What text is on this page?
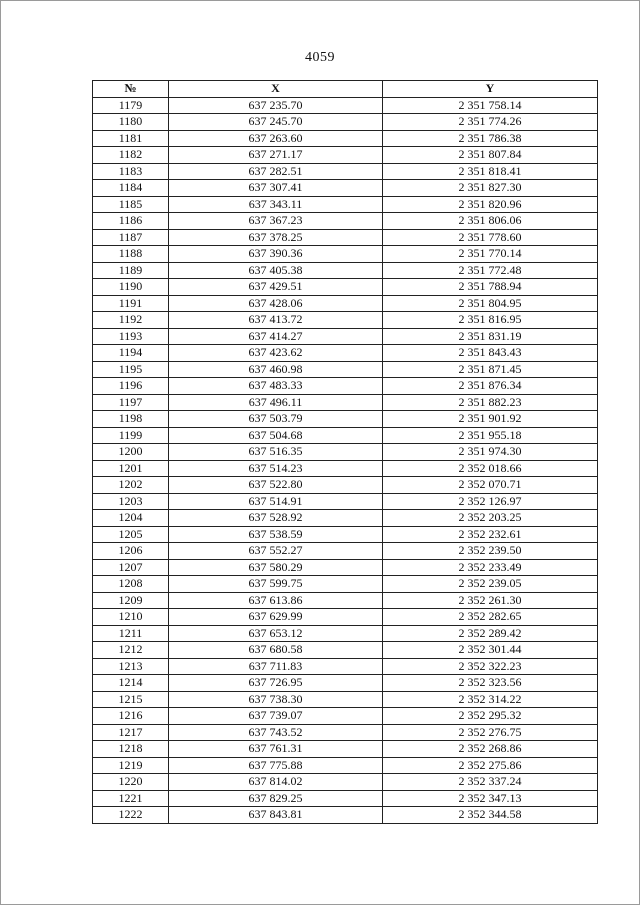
4059
№	X	Y
1179	637 235.70	2 351 758.14
1180	637 245.70	2 351 774.26
1181	637 263.60	2 351 786.38
1182	637 271.17	2 351 807.84
1183	637 282.51	2 351 818.41
1184	637 307.41	2 351 827.30
1185	637 343.11	2 351 820.96
1186	637 367.23	2 351 806.06
1187	637 378.25	2 351 778.60
1188	637 390.36	2 351 770.14
1189	637 405.38	2 351 772.48
1190	637 429.51	2 351 788.94
1191	637 428.06	2 351 804.95
1192	637 413.72	2 351 816.95
1193	637 414.27	2 351 831.19
1194	637 423.62	2 351 843.43
1195	637 460.98	2 351 871.45
1196	637 483.33	2 351 876.34
1197	637 496.11	2 351 882.23
1198	637 503.79	2 351 901.92
1199	637 504.68	2 351 955.18
1200	637 516.35	2 351 974.30
1201	637 514.23	2 352 018.66
1202	637 522.80	2 352 070.71
1203	637 514.91	2 352 126.97
1204	637 528.92	2 352 203.25
1205	637 538.59	2 352 232.61
1206	637 552.27	2 352 239.50
1207	637 580.29	2 352 233.49
1208	637 599.75	2 352 239.05
1209	637 613.86	2 352 261.30
1210	637 629.99	2 352 282.65
1211	637 653.12	2 352 289.42
1212	637 680.58	2 352 301.44
1213	637 711.83	2 352 322.23
1214	637 726.95	2 352 323.56
1215	637 738.30	2 352 314.22
1216	637 739.07	2 352 295.32
1217	637 743.52	2 352 276.75
1218	637 761.31	2 352 268.86
1219	637 775.88	2 352 275.86
1220	637 814.02	2 352 337.24
1221	637 829.25	2 352 347.13
1222	637 843.81	2 352 344.58
